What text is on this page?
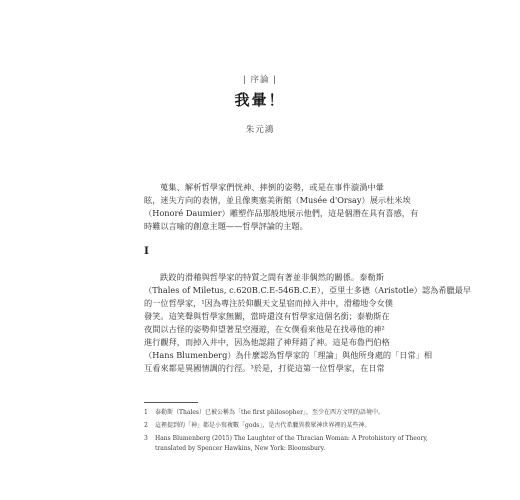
| 序論 |
我暈！
朱元鴻
蒐集、解析哲學家們恍神、摔倒的姿勢，或是在事件漩渦中暈
眩，迷失方向的表情，並且像奧塞美術館（Musée d'Orsay）展示杜米埃
（Honoré Daumier）雕塑作品那般地展示他們，這是個潛在具有喜感，有
時難以言喻的創意主題——哲學評論的主題。
I
跌跤的滑稽與哲學家的特質之間有著並非偶然的關係。泰勒斯
（Thales of Miletus, c.620B.C.E-546B.C.E），亞里士多德（Aristotle）認為希臘最早
的一位哲學家，¹因為專注於仰觀天文星宿而掉入井中，滑稽地令女僕
發笑。這笑聲與哲學家無關，當時還沒有哲學家這個名銜；泰勒斯在
夜間以古怪的姿勢仰望著星空漫遊，在女僕看來他是在找尋他的神²
進行觀拜，而掉入井中，因為他認錯了神拜錯了神。這是布魯門伯格
（Hans Blumenberg）為什麼認為哲學家的「理論」與他所身處的「日常」相
互看來都是異國情調的行徑。³於是，打從這第一位哲學家，在日常
1 泰勒斯（Thales）已被公稱為「the first philosopher」，至少在西方文明的語境中。
2 這裡提到的「神」都是小寫複數「gods」，是古代希臘異教眾神世界裡的某些神。
3 Hans Blumenberg (2015) The Laughter of the Thracian Woman: A Protohistory of Theory,
translated by Spencer Hawkins, New York: Bloomsbury.
